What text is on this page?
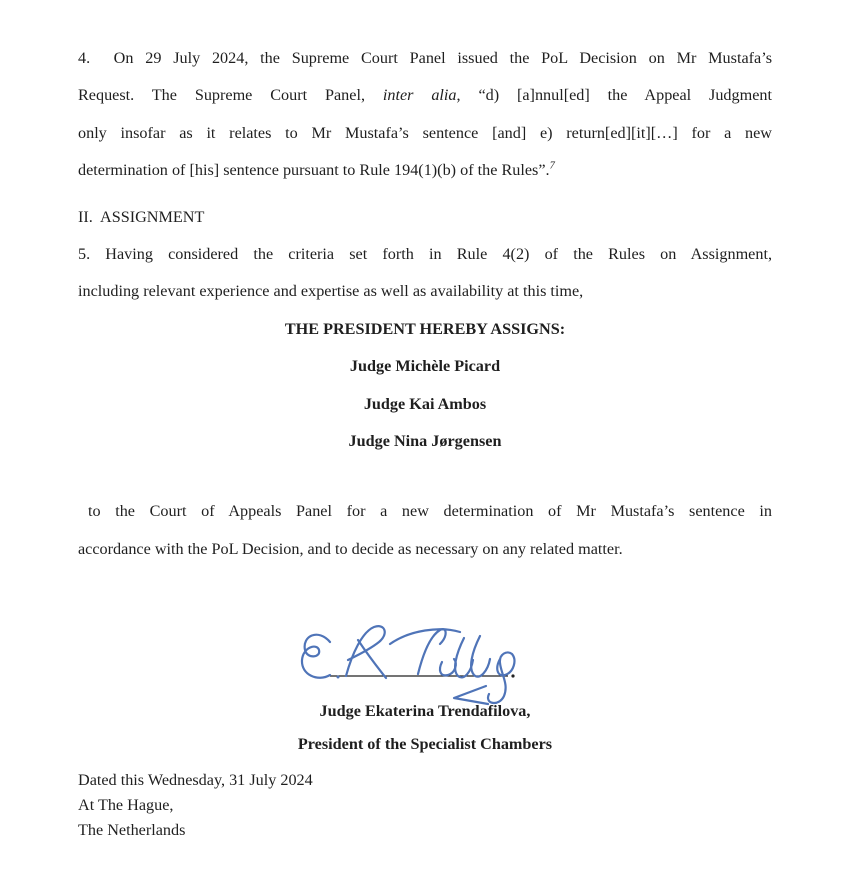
4.  On 29 July 2024, the Supreme Court Panel issued the PoL Decision on Mr Mustafa’s
Request. The Supreme Court Panel, inter alia, “d) [a]nnul[ed] the Appeal Judgment
only insofar as it relates to Mr Mustafa’s sentence [and] e) return[ed][it][…] for a new
determination of [his] sentence pursuant to Rule 194(1)(b) of the Rules”.$^7$
II.  ASSIGNMENT
5. Having considered the criteria set forth in Rule 4(2) of the Rules on Assignment,
including relevant experience and expertise as well as availability at this time,
THE PRESIDENT HEREBY ASSIGNS:
Judge Michèle Picard
Judge Kai Ambos
Judge Nina Jørgensen
to the Court of Appeals Panel for a new determination of Mr Mustafa’s sentence in
accordance with the PoL Decision, and to decide as necessary on any related matter.
Judge Ekaterina Trendafilova,
President of the Specialist Chambers
Dated this Wednesday, 31 July 2024
At The Hague,
The Netherlands
